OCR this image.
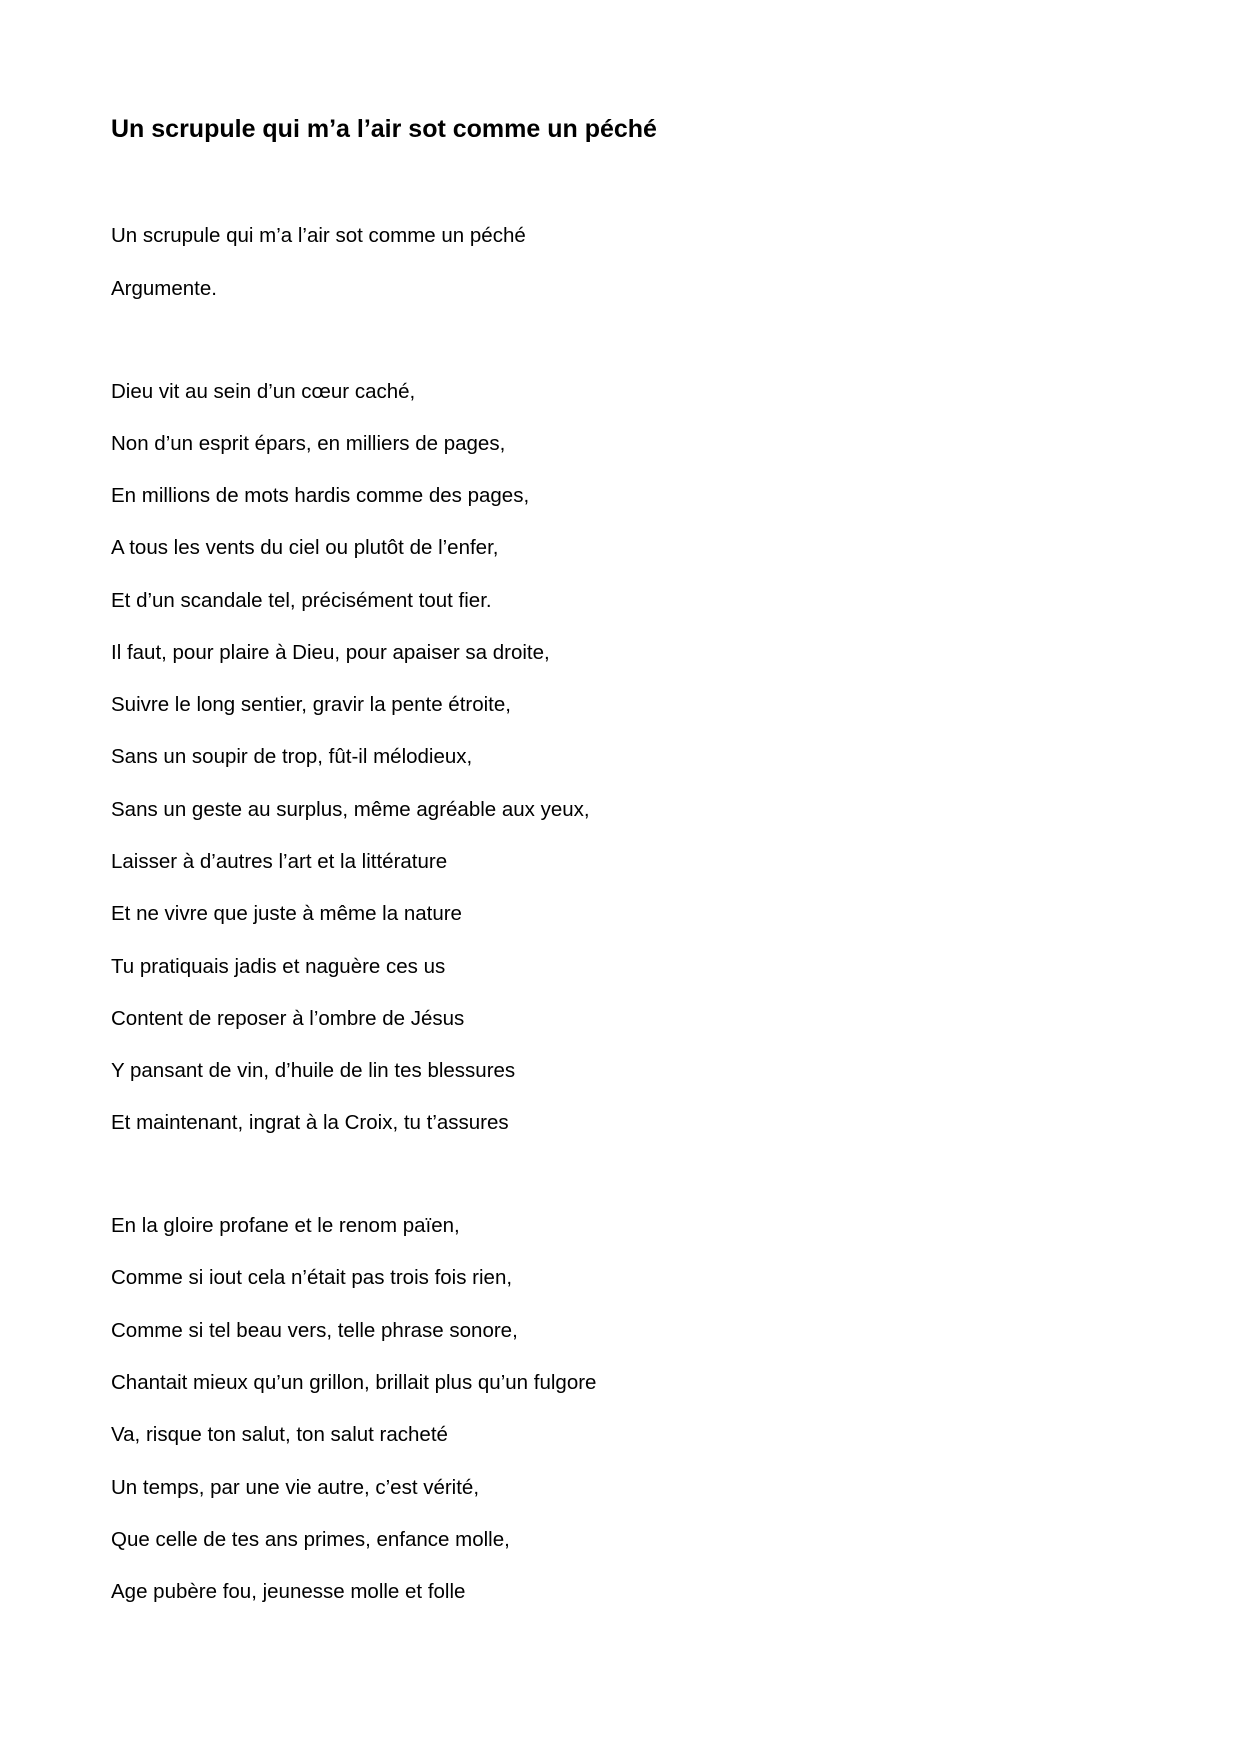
Un scrupule qui m’a l’air sot comme un péché

Un scrupule qui m’a l’air sot comme un péché

Argumente.

Dieu vit au sein d’un cœur caché,

Non d’un esprit épars, en milliers de pages,

En millions de mots hardis comme des pages,

A tous les vents du ciel ou plutôt de l’enfer,

Et d’un scandale tel, précisément tout fier.

Il faut, pour plaire à Dieu, pour apaiser sa droite,

Suivre le long sentier, gravir la pente étroite,

Sans un soupir de trop, fût-il mélodieux,

Sans un geste au surplus, même agréable aux yeux,

Laisser à d’autres l’art et la littérature

Et ne vivre que juste à même la nature

Tu pratiquais jadis et naguère ces us

Content de reposer à l’ombre de Jésus

Y pansant de vin, d’huile de lin tes blessures

Et maintenant, ingrat à la Croix, tu t’assures

En la gloire profane et le renom païen,

Comme si iout cela n’était pas trois fois rien,

Comme si tel beau vers, telle phrase sonore,

Chantait mieux qu’un grillon, brillait plus qu’un fulgore

Va, risque ton salut, ton salut racheté

Un temps, par une vie autre, c’est vérité,

Que celle de tes ans primes, enfance molle,

Age pubère fou, jeunesse molle et folle
